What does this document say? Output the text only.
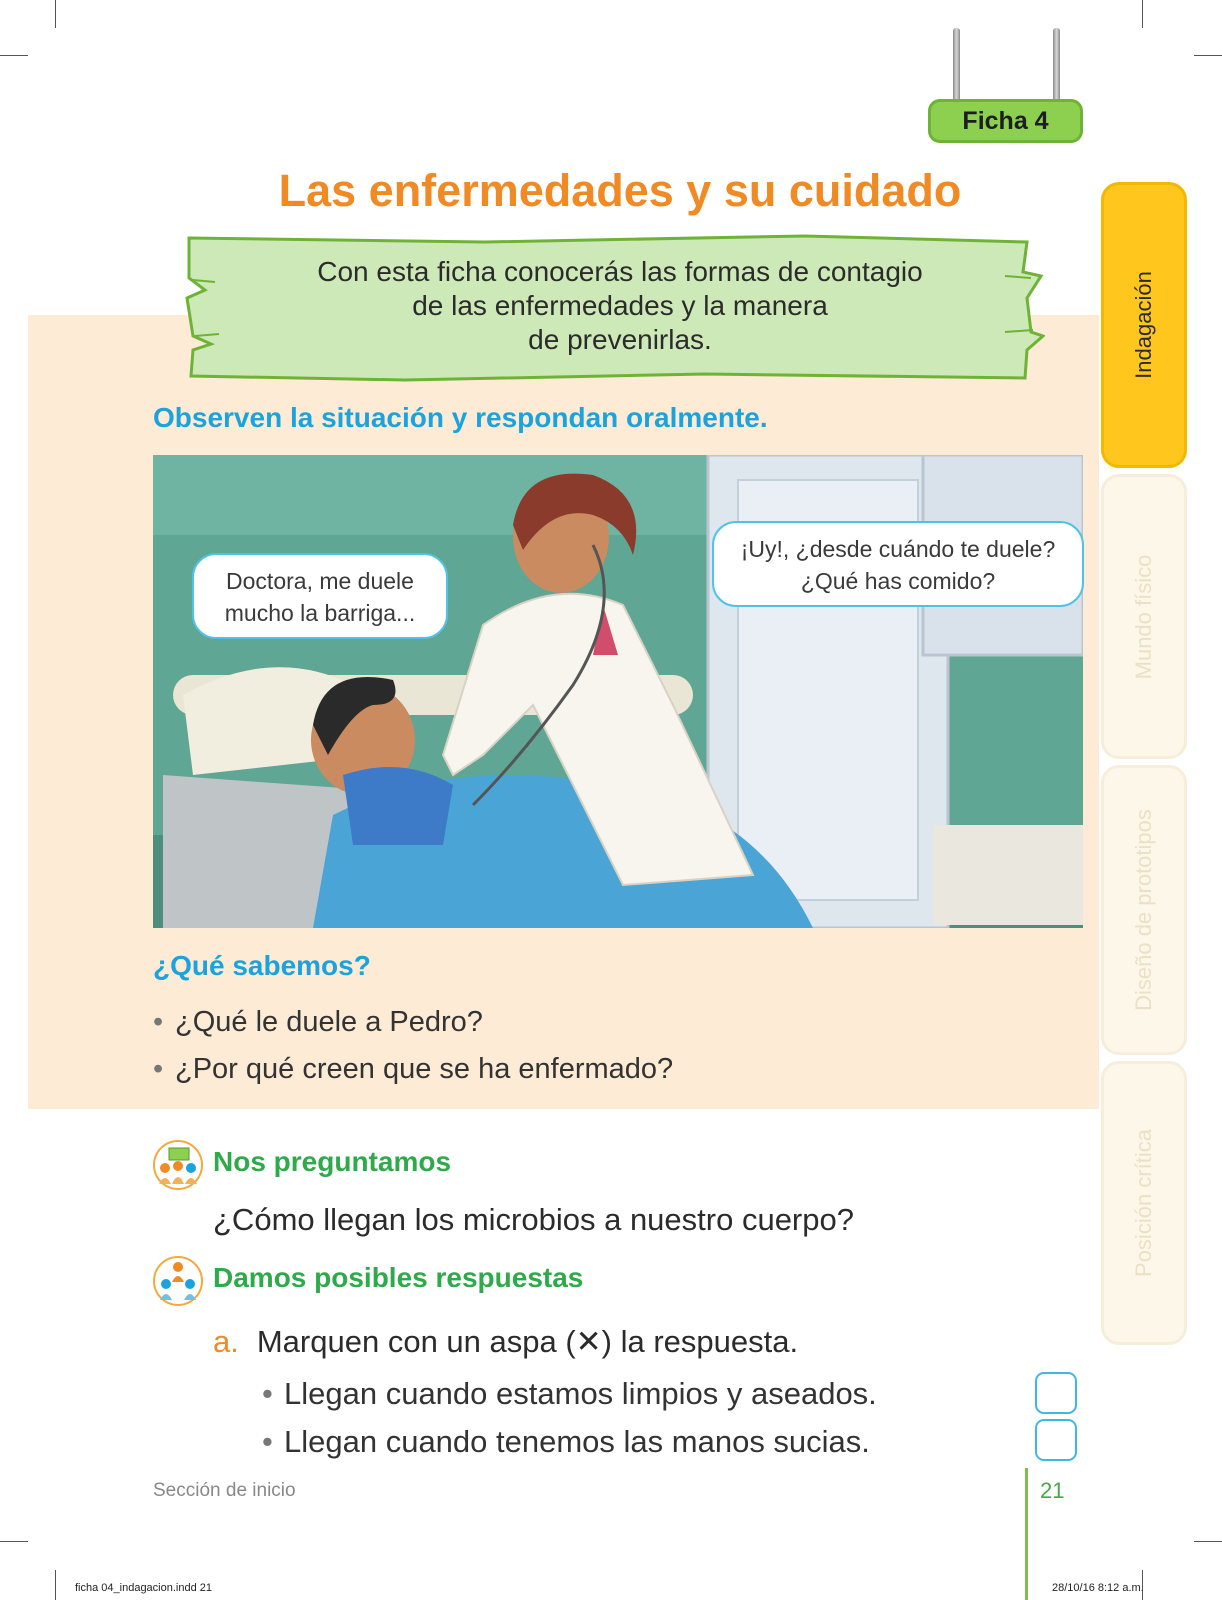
Ficha 4
Indagación
Mundo físico
Diseño de prototipos
Posición crítica
Las enfermedades y su cuidado
Con esta ficha conocerás las formas de contagio
de las enfermedades y la manera
de prevenirlas.
Observen la situación y respondan oralmente.
Doctora, me duele
mucho la barriga...
¡Uy!, ¿desde cuándo te duele?
¿Qué has comido?
¿Qué sabemos?
• ¿Qué le duele a Pedro?
• ¿Por qué creen que se ha enfermado?
Nos preguntamos
¿Cómo llegan los microbios a nuestro cuerpo?
Damos posibles respuestas
a. Marquen con un aspa (✕) la respuesta.
• Llegan cuando estamos limpios y aseados.
• Llegan cuando tenemos las manos sucias.
Sección de inicio	21
ficha 04_indagacion.indd 21	28/10/16 8:12 a.m.
